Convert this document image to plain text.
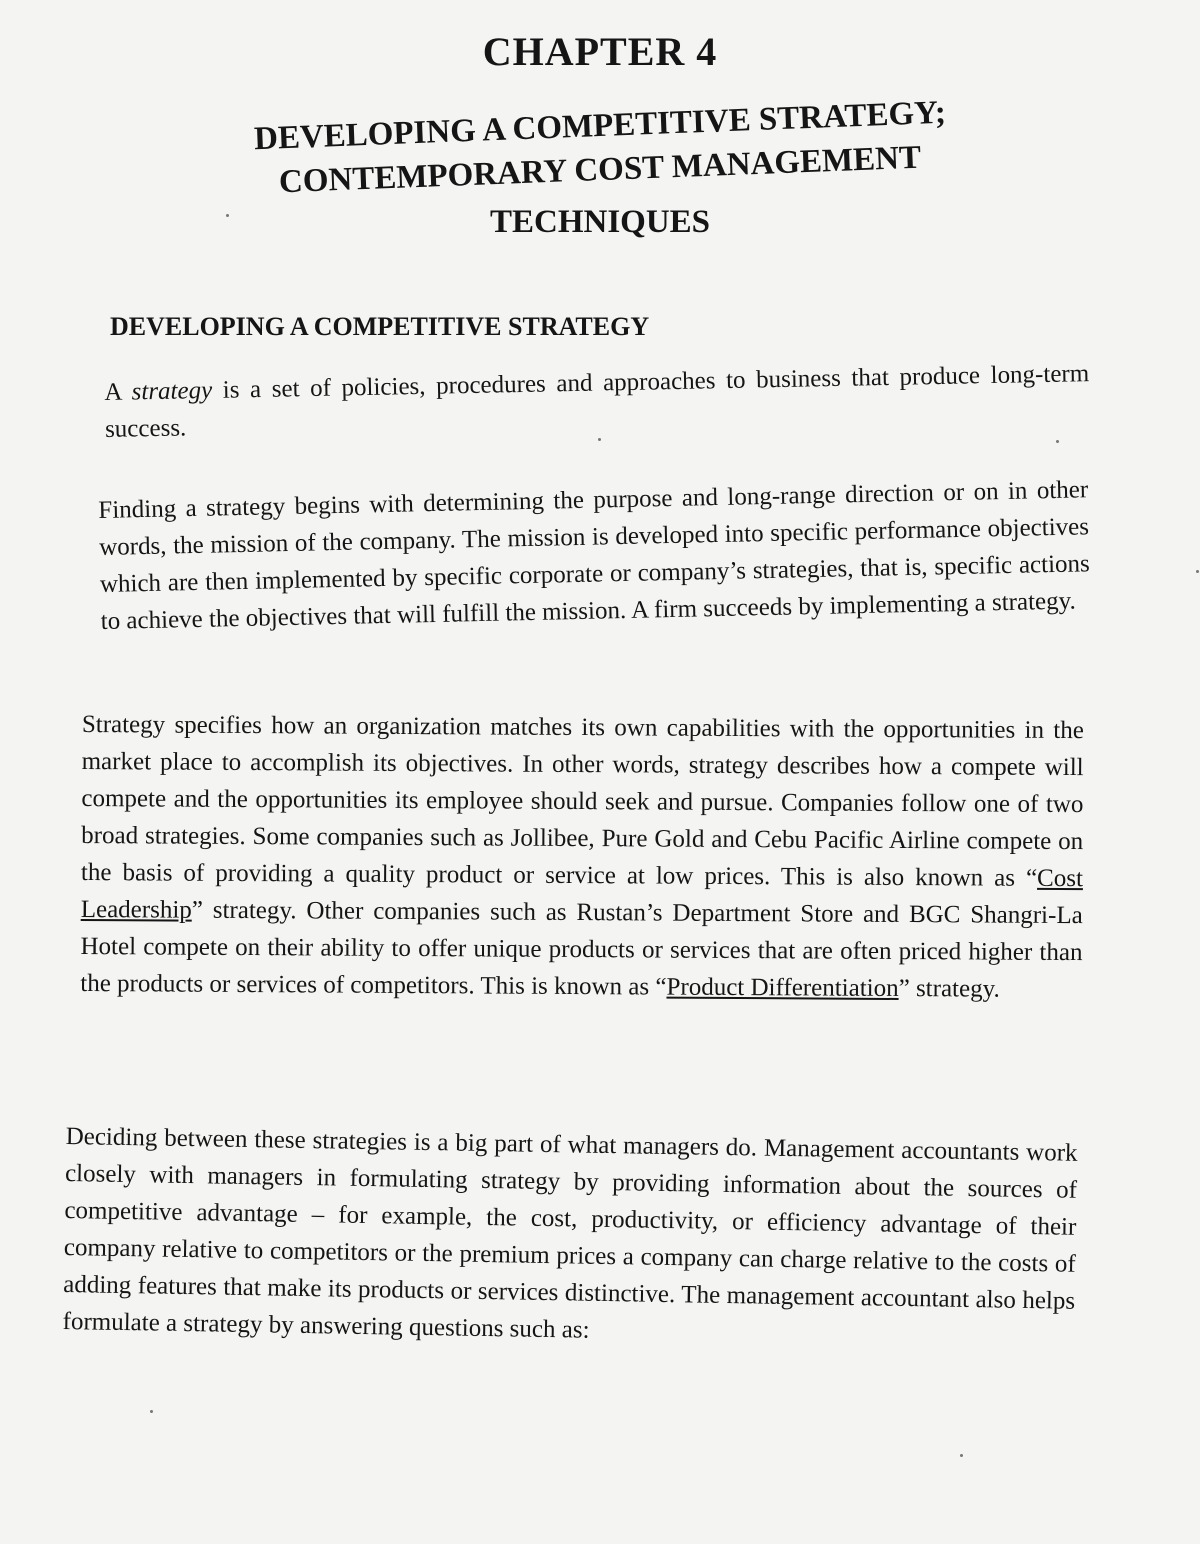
CHAPTER 4
DEVELOPING A COMPETITIVE STRATEGY;
CONTEMPORARY COST MANAGEMENT
TECHNIQUES
DEVELOPING A COMPETITIVE STRATEGY

A strategy is a set of policies, procedures and approaches to business that produce long-term success.

Finding a strategy begins with determining the purpose and long-range direction or on in other words, the mission of the company. The mission is developed into specific performance objectives which are then implemented by specific corporate or company’s strategies, that is, specific actions to achieve the objectives that will fulfill the mission. A firm succeeds by implementing a strategy.

Strategy specifies how an organization matches its own capabilities with the opportunities in the market place to accomplish its objectives. In other words, strategy describes how a compete will compete and the opportunities its employee should seek and pursue. Companies follow one of two broad strategies. Some companies such as Jollibee, Pure Gold and Cebu Pacific Airline compete on the basis of providing a quality product or service at low prices. This is also known as “Cost Leadership” strategy. Other companies such as Rustan’s Department Store and BGC Shangri-La Hotel compete on their ability to offer unique products or services that are often priced higher than the products or services of competitors. This is known as “Product Differentiation” strategy.

Deciding between these strategies is a big part of what managers do. Management accountants work closely with managers in formulating strategy by providing information about the sources of competitive advantage – for example, the cost, productivity, or efficiency advantage of their company relative to competitors or the premium prices a company can charge relative to the costs of adding features that make its products or services distinctive. The management accountant also helps formulate a strategy by answering questions such as:
